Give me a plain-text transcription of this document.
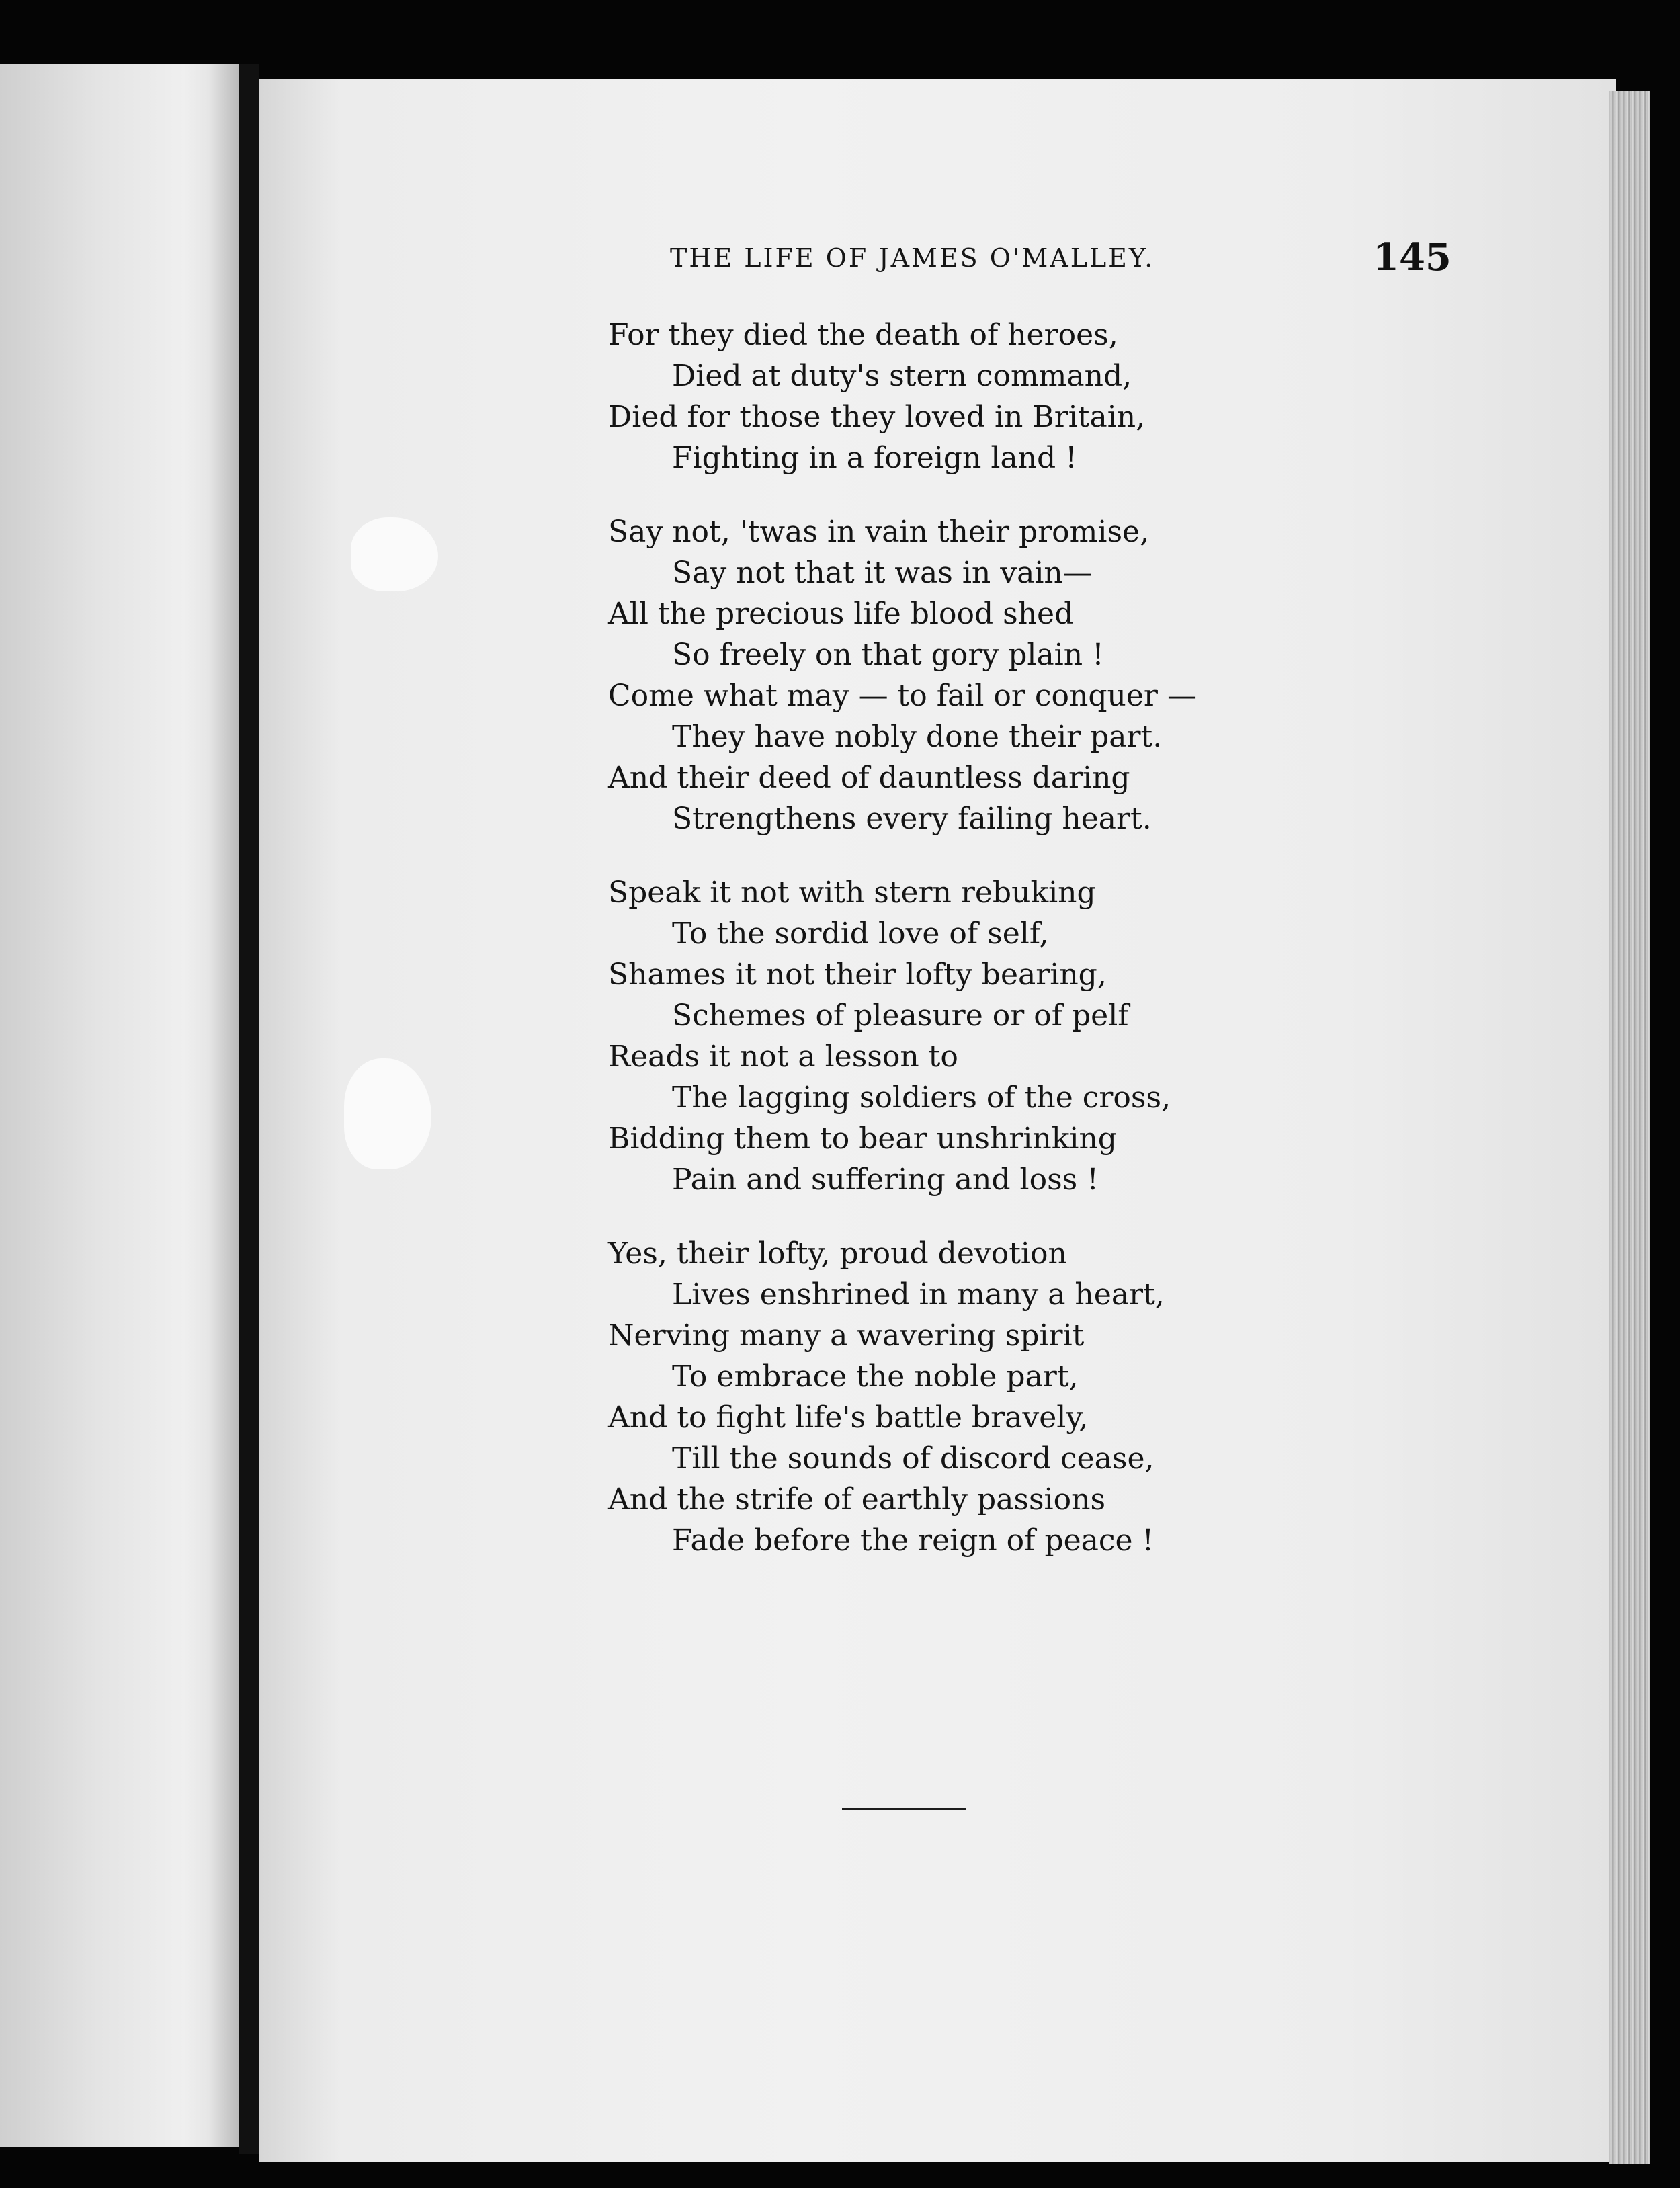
THE LIFE OF JAMES O'MALLEY.	145
For they died the death of heroes,
Died at duty's stern command,
Died for those they loved in Britain,
Fighting in a foreign land !
Say not, 'twas in vain their promise,
Say not that it was in vain—
All the precious life blood shed
So freely on that gory plain !
Come what may — to fail or conquer —
They have nobly done their part.
And their deed of dauntless daring
Strengthens every failing heart.
Speak it not with stern rebuking
To the sordid love of self,
Shames it not their lofty bearing,
Schemes of pleasure or of pelf
Reads it not a lesson to
The lagging soldiers of the cross,
Bidding them to bear unshrinking
Pain and suffering and loss !
Yes, their lofty, proud devotion
Lives enshrined in many a heart,
Nerving many a wavering spirit
To embrace the noble part,
And to fight life's battle bravely,
Till the sounds of discord cease,
And the strife of earthly passions
Fade before the reign of peace !
